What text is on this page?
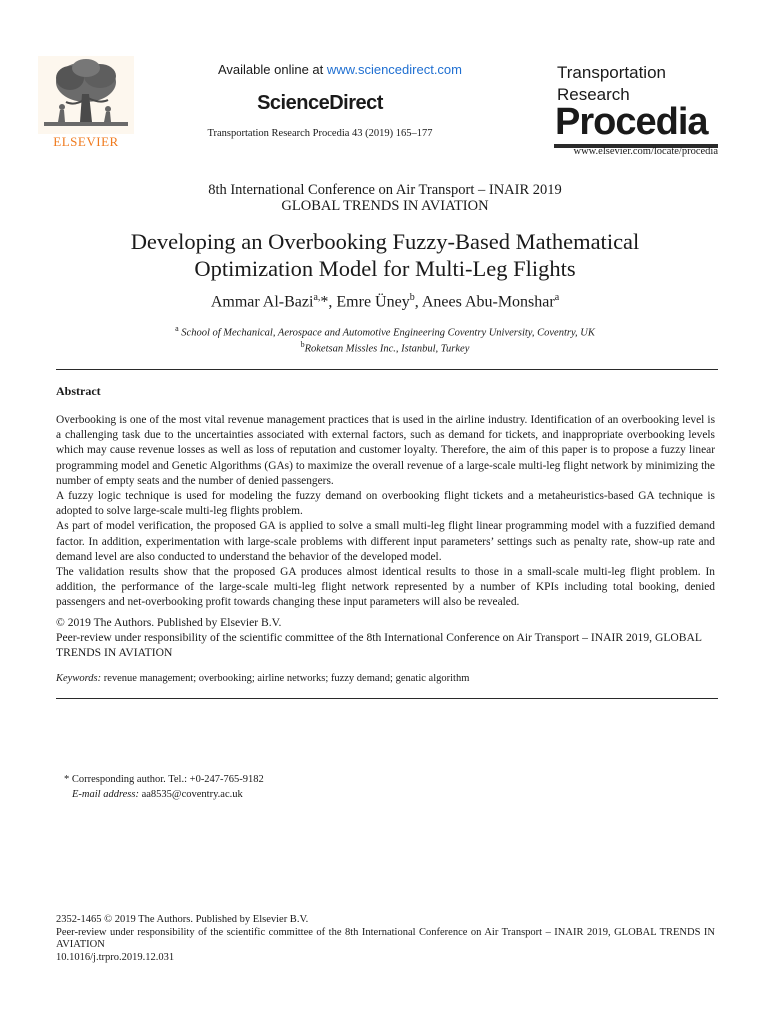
ELSEVIER
Available online at www.sciencedirect.com
ScienceDirect
Transportation Research Procedia 43 (2019) 165–177
Transportation
Research
Procedia
www.elsevier.com/locate/procedia
8th International Conference on Air Transport – INAIR 2019
GLOBAL TRENDS IN AVIATION
Developing an Overbooking Fuzzy-Based Mathematical
Optimization Model for Multi-Leg Flights
Ammar Al-Bazi$^{a,}$*, Emre Üney$^b$, Anees Abu-Monshar$^a$
$^a$ School of Mechanical, Aerospace and Automotive Engineering Coventry University, Coventry, UK
$^b$Roketsan Missles Inc., Istanbul, Turkey
Abstract

Overbooking is one of the most vital revenue management practices that is used in the airline industry. Identification of an overbooking level is a challenging task due to the uncertainties associated with external factors, such as demand for tickets, and inappropriate overbooking levels which may cause revenue losses as well as loss of reputation and customer loyalty. Therefore, the aim of this paper is to propose a fuzzy linear programming model and Genetic Algorithms (GAs) to maximize the overall revenue of a large-scale multi-leg flight network by minimizing the number of empty seats and the number of denied passengers.

A fuzzy logic technique is used for modeling the fuzzy demand on overbooking flight tickets and a metaheuristics-based GA technique is adopted to solve large-scale multi-leg flights problem.

As part of model verification, the proposed GA is applied to solve a small multi-leg flight linear programming model with a fuzzified demand factor. In addition, experimentation with large-scale problems with different input parameters’ settings such as penalty rate, show-up rate and demand level are also conducted to understand the behavior of the developed model.

The validation results show that the proposed GA produces almost identical results to those in a small-scale multi-leg flight problem. In addition, the performance of the large-scale multi-leg flight network represented by a number of KPIs including total booking, denied passengers and net-overbooking profit towards changing these input parameters will also be revealed.

© 2019 The Authors. Published by Elsevier B.V.

Peer-review under responsibility of the scientific committee of the 8th International Conference on Air Transport – INAIR 2019, GLOBAL TRENDS IN AVIATION

Keywords: revenue management; overbooking; airline networks; fuzzy demand; genatic algorithm
* Corresponding author. Tel.: +0-247-765-9182
E-mail address: aa8535@coventry.ac.uk

2352-1465 © 2019 The Authors. Published by Elsevier B.V.

Peer-review under responsibility of the scientific committee of the 8th International Conference on Air Transport – INAIR 2019, GLOBAL TRENDS IN AVIATION

10.1016/j.trpro.2019.12.031
